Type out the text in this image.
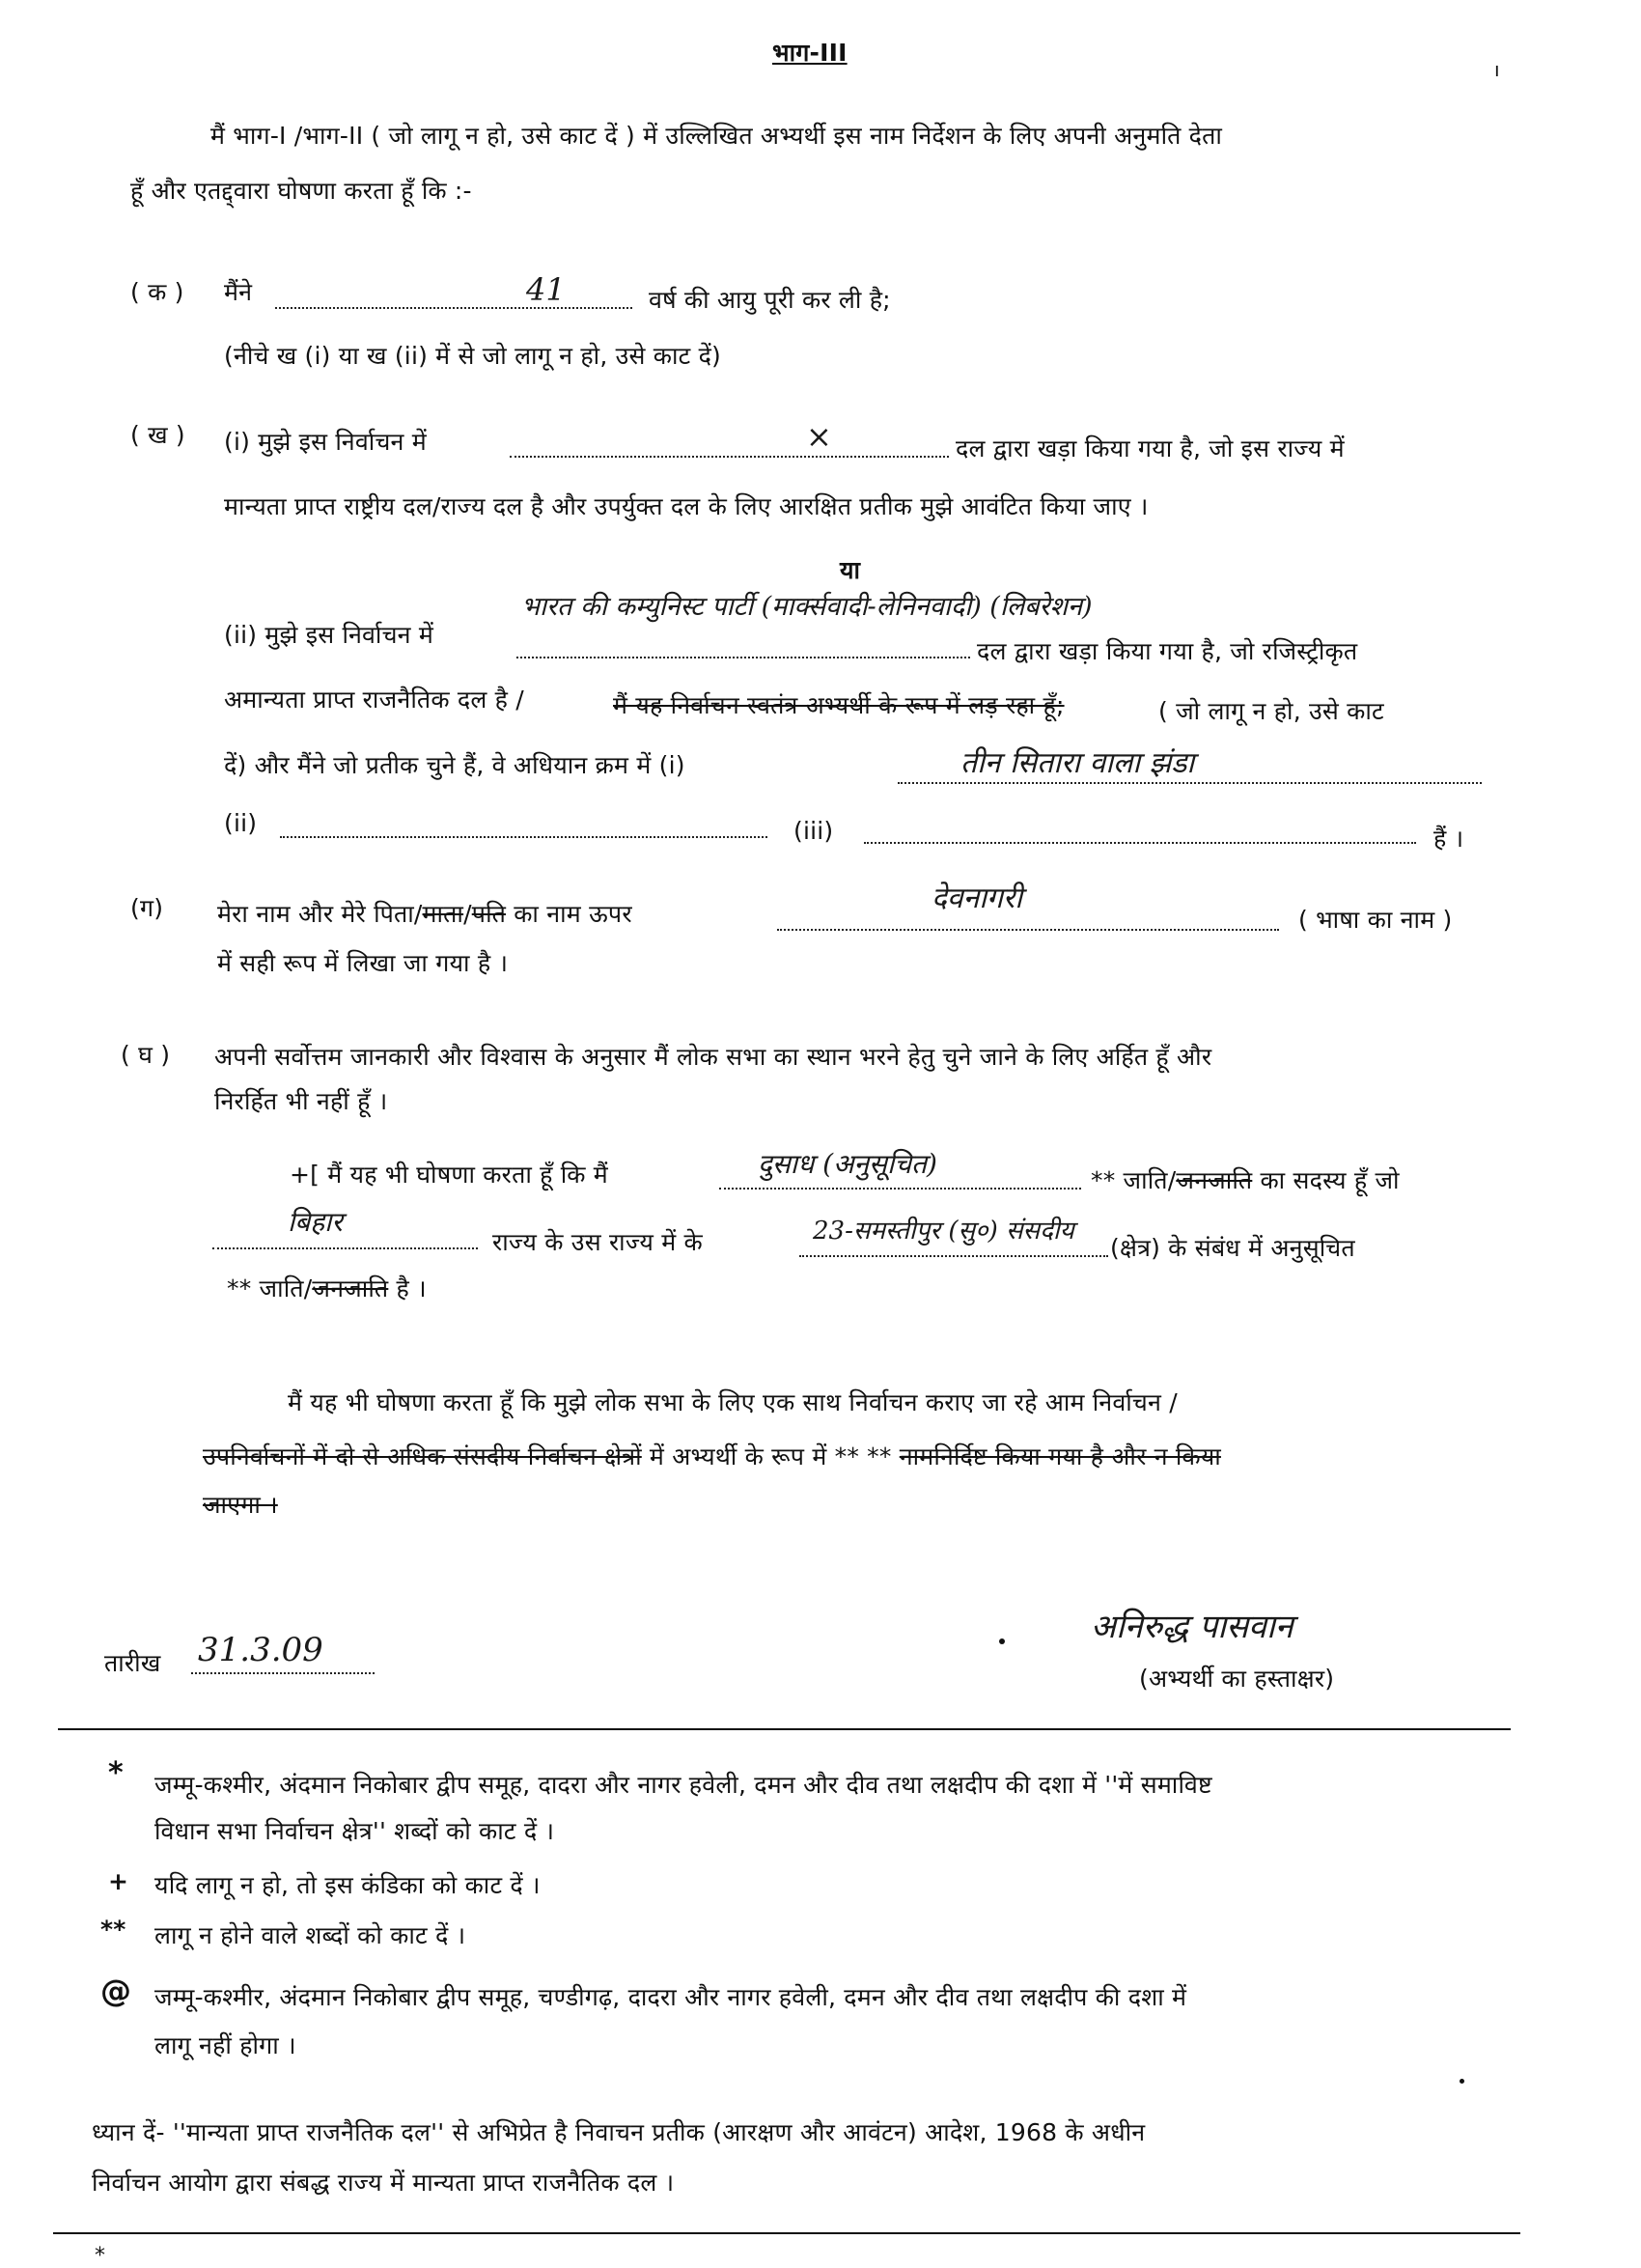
भाग-III
ı
मैं भाग-I /भाग-II ( जो लागू न हो, उसे काट दें ) में उल्लिखित अभ्यर्थी इस नाम निर्देशन के लिए अपनी अनुमति देता
हूँ और एतद्द्वारा घोषणा करता हूँ कि :-
( क ) मैंने	41	वर्ष की आयु पूरी कर ली है;
(नीचे ख (i) या ख (ii) में से जो लागू न हो, उसे काट दें)
( ख ) (i) मुझे इस निर्वाचन में	×	दल द्वारा खड़ा किया गया है, जो इस राज्य में
मान्यता प्राप्त राष्ट्रीय दल/राज्य दल है और उपर्युक्त दल के लिए आरक्षित प्रतीक मुझे आवंटित किया जाए ।
या
(ii) मुझे इस निर्वाचन में
भारत की कम्युनिस्ट पार्टी (मार्क्सवादी-लेनिनवादी) (लिबरेशन)
दल द्वारा खड़ा किया गया है, जो रजिस्ट्रीकृत
अमान्यता प्राप्त राजनैतिक दल है /	मैं यह निर्वाचन स्वतंत्र अभ्यर्थी के रूप में लड़ रहा हूँ;	( जो लागू न हो, उसे काट
दें) और मैंने जो प्रतीक चुने हैं, वे अधियान क्रम में (i)	तीन सितारा वाला झंडा
(ii)	(iii)	हैं ।
(ग) मेरा नाम और मेरे पिता/माता/पति का नाम ऊपर	देवनागरी
( भाषा का नाम )
में सही रूप में लिखा जा गया है ।
( घ ) अपनी सर्वोत्तम जानकारी और विश्वास के अनुसार मैं लोक सभा का स्थान भरने हेतु चुने जाने के लिए अर्हित हूँ और
निरर्हित भी नहीं हूँ ।
+[ मैं यह भी घोषणा करता हूँ कि मैं	दुसाध (अनुसूचित)
** जाति/जनजाति का सदस्य हूँ जो
बिहार
राज्य के उस राज्य में के	23-समस्तीपुर (सु०) संसदीय
(क्षेत्र) के संबंध में अनुसूचित
** जाति/जनजाति है ।
मैं यह भी घोषणा करता हूँ कि मुझे लोक सभा के लिए एक साथ निर्वाचन कराए जा रहे आम निर्वाचन /
उपनिर्वाचनों में दो से अधिक संसदीय निर्वाचन क्षेत्रों में अभ्यर्थी के रूप में ** ** नामनिर्दिष्ट किया गया है और न किया
जाएगा ।
तारीख 31.3.09
अनिरुद्ध पासवान
(अभ्यर्थी का हस्ताक्षर)
* जम्मू-कश्मीर, अंदमान निकोबार द्वीप समूह, दादरा और नागर हवेली, दमन और दीव तथा लक्षदीप की दशा में ''में समाविष्ट
विधान सभा निर्वाचन क्षेत्र'' शब्दों को काट दें ।
+ यदि लागू न हो, तो इस कंडिका को काट दें ।
** लागू न होने वाले शब्दों को काट दें ।
@ जम्मू-कश्मीर, अंदमान निकोबार द्वीप समूह, चण्डीगढ़, दादरा और नागर हवेली, दमन और दीव तथा लक्षदीप की दशा में
लागू नहीं होगा ।
ध्यान दें- ''मान्यता प्राप्त राजनैतिक दल'' से अभिप्रेत है निवाचन प्रतीक (आरक्षण और आवंटन) आदेश, 1968 के अधीन
निर्वाचन आयोग द्वारा संबद्ध राज्य में मान्यता प्राप्त राजनैतिक दल ।
*
